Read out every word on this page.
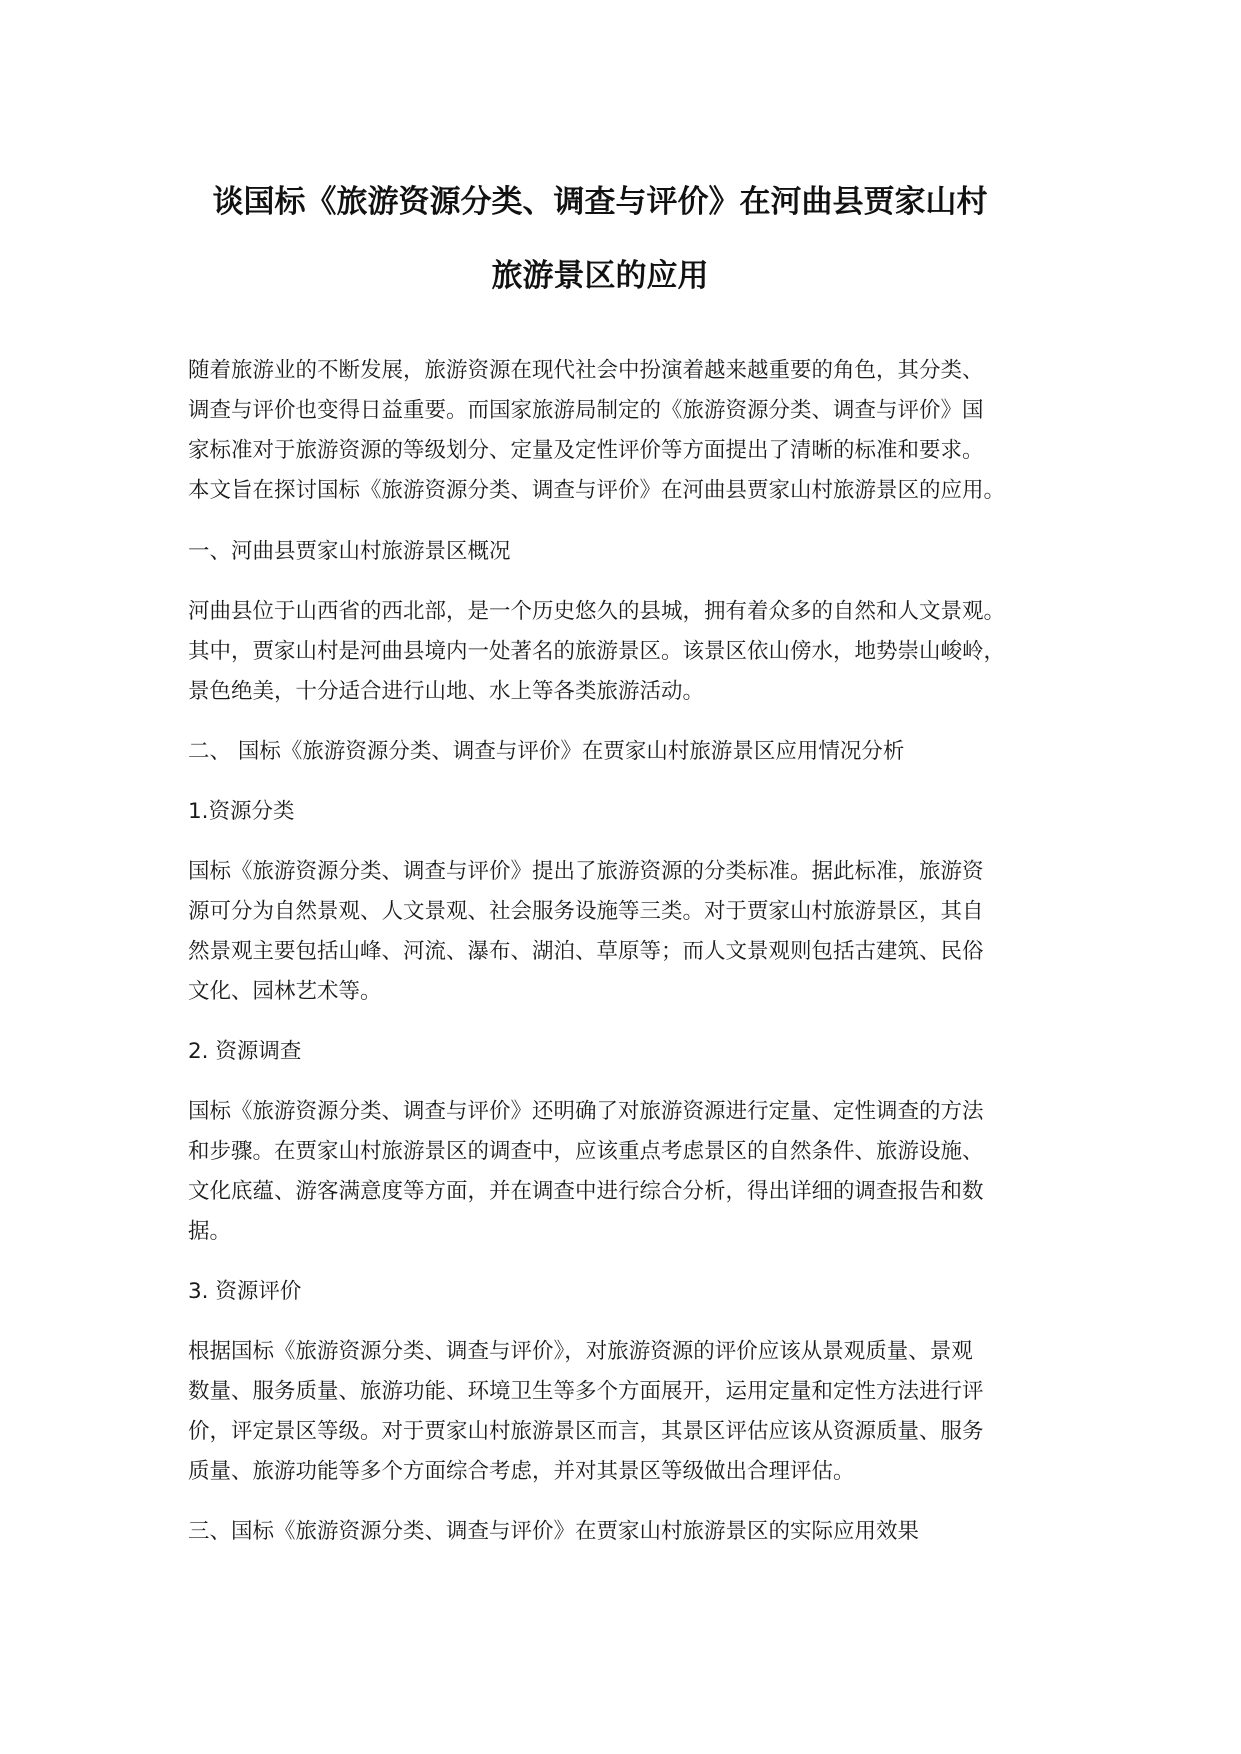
谈国标《旅游资源分类、调查与评价》在河曲县贾家山村
旅游景区的应用
随着旅游业的不断发展，旅游资源在现代社会中扮演着越来越重要的角色，其分类、
调查与评价也变得日益重要。而国家旅游局制定的《旅游资源分类、调查与评价》国
家标准对于旅游资源的等级划分、定量及定性评价等方面提出了清晰的标准和要求。
本文旨在探讨国标《旅游资源分类、调查与评价》在河曲县贾家山村旅游景区的应用。
一、河曲县贾家山村旅游景区概况
河曲县位于山西省的西北部，是一个历史悠久的县城，拥有着众多的自然和人文景观。
其中，贾家山村是河曲县境内一处著名的旅游景区。该景区依山傍水，地势崇山峻岭，
景色绝美，十分适合进行山地、水上等各类旅游活动。
二、 国标《旅游资源分类、调查与评价》在贾家山村旅游景区应用情况分析
1.资源分类
国标《旅游资源分类、调查与评价》提出了旅游资源的分类标准。据此标准，旅游资
源可分为自然景观、人文景观、社会服务设施等三类。对于贾家山村旅游景区，其自
然景观主要包括山峰、河流、瀑布、湖泊、草原等；而人文景观则包括古建筑、民俗
文化、园林艺术等。
2. 资源调查
国标《旅游资源分类、调查与评价》还明确了对旅游资源进行定量、定性调查的方法
和步骤。在贾家山村旅游景区的调查中，应该重点考虑景区的自然条件、旅游设施、
文化底蕴、游客满意度等方面，并在调查中进行综合分析，得出详细的调查报告和数
据。
3. 资源评价
根据国标《旅游资源分类、调查与评价》，对旅游资源的评价应该从景观质量、景观
数量、服务质量、旅游功能、环境卫生等多个方面展开，运用定量和定性方法进行评
价，评定景区等级。对于贾家山村旅游景区而言，其景区评估应该从资源质量、服务
质量、旅游功能等多个方面综合考虑，并对其景区等级做出合理评估。
三、国标《旅游资源分类、调查与评价》在贾家山村旅游景区的实际应用效果
